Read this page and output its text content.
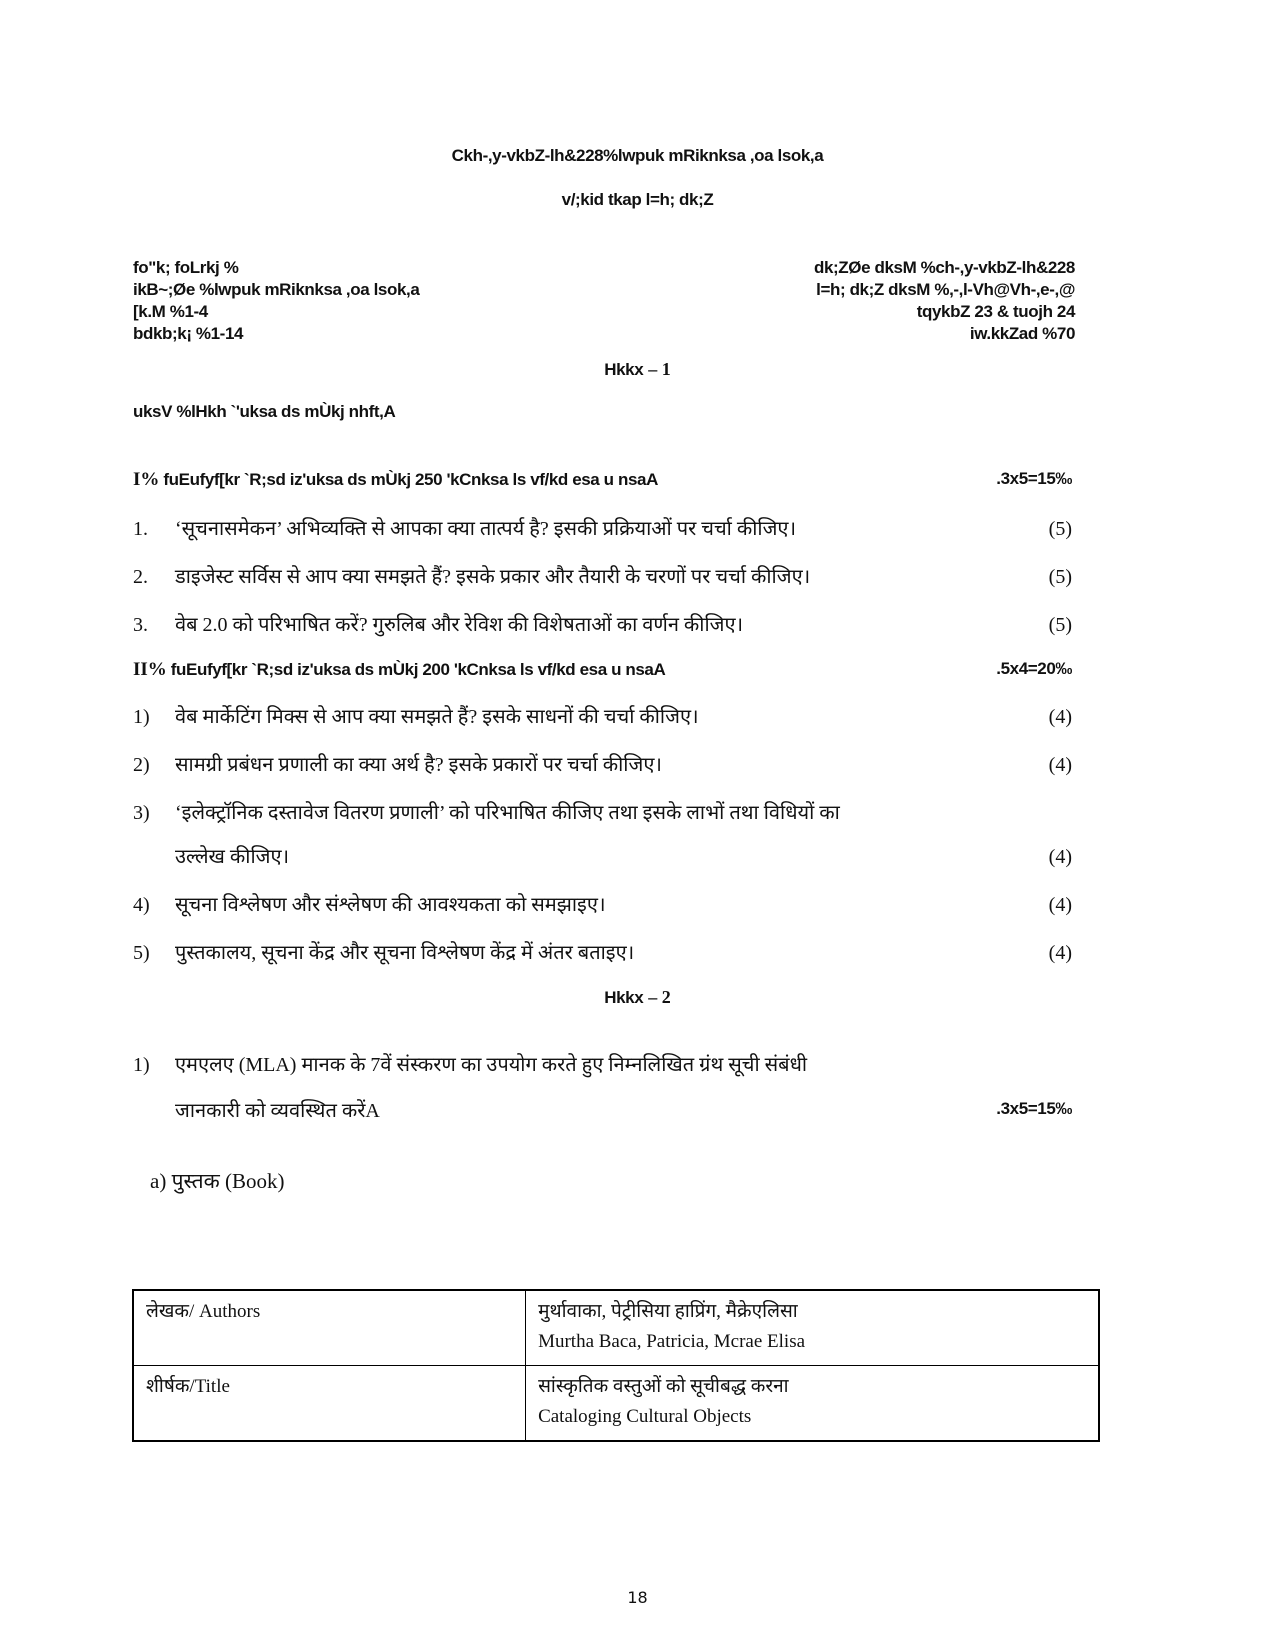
Ckh-,y-vkbZ-lh&228%lwpuk mRiknksa ,oa lsok,a
v/;kid tkap l=h; dk;Z
fo"k; foLrkj %	dk;ZØe dksM %ch-,y-vkbZ-lh&228
ikB~;Øe %lwpuk mRiknksa ,oa lsok,a	l=h; dk;Z dksM %,-,l-Vh@Vh-,e-,@
[k.M %1-4	tqykbZ 23 & tuojh 24
bdkb;k¡ %1-14	iw.kkZad %70
Hkkx – 1
uksV %lHkh `'uksa ds mÙkj nhft,A
I% fuEufyf[kr `R;sd iz'uksa ds mÙkj 250 'kCnksa ls vf/kd esa u nsaA	.3x5=15‰
1.	‘सूचनासमेकन’ अभिव्यक्ति से आपका क्या तात्पर्य है? इसकी प्रक्रियाओं पर चर्चा कीजिए।	(5)
2.	डाइजेस्ट सर्विस से आप क्या समझते हैं? इसके प्रकार और तैयारी के चरणों पर चर्चा कीजिए।	(5)
3.	वेब 2.0 को परिभाषित करें? गुरुलिब और रेविश की विशेषताओं का वर्णन कीजिए।	(5)
II% fuEufyf[kr `R;sd iz'uksa ds mÙkj 200 'kCnksa ls vf/kd esa u nsaA	.5x4=20‰
1)	वेब मार्केटिंग मिक्स से आप क्या समझते हैं? इसके साधनों की चर्चा कीजिए।	(4)
2)	सामग्री प्रबंधन प्रणाली का क्या अर्थ है? इसके प्रकारों पर चर्चा कीजिए।	(4)
3)	‘इलेक्ट्रॉनिक दस्तावेज वितरण प्रणाली’ को परिभाषित कीजिए तथा इसके लाभों तथा विधियों का
उल्लेख कीजिए।	(4)
4)	सूचना विश्लेषण और संश्लेषण की आवश्यकता को समझाइए।	(4)
5)	पुस्तकालय, सूचना केंद्र और सूचना विश्लेषण केंद्र में अंतर बताइए।	(4)
Hkkx – 2
1)	एमएलए (MLA) मानक के 7वें संस्करण का उपयोग करते हुए निम्नलिखित ग्रंथ सूची संबंधी
जानकारी को व्यवस्थित करेंA	.3x5=15‰
a) पुस्तक (Book)
लेखक/ Authors	मुर्थावाका, पेट्रीसिया हाप्रिंग, मैक्रेएलिसा
Murtha Baca, Patricia, Mcrae Elisa

शीर्षक/Title	सांस्कृतिक वस्तुओं को सूचीबद्ध करना
Cataloging Cultural Objects
18
